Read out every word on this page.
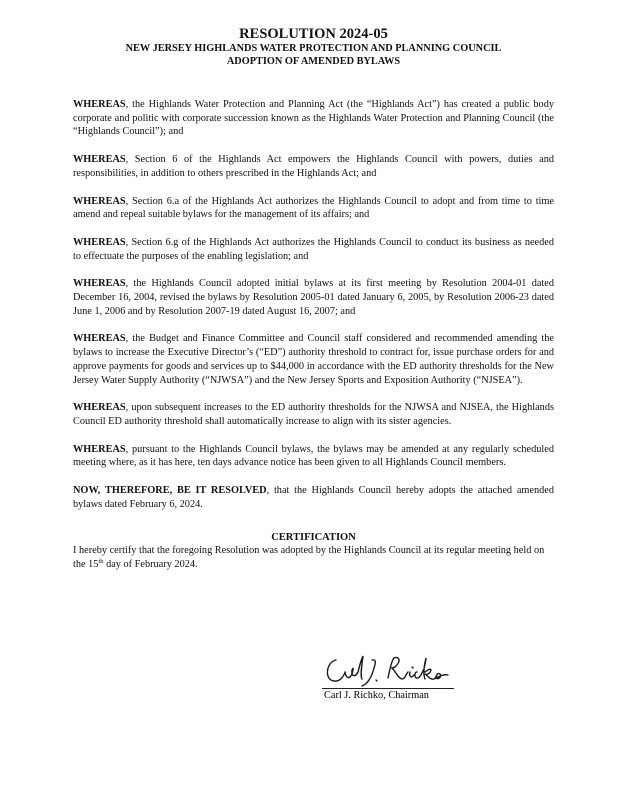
RESOLUTION 2024-05
NEW JERSEY HIGHLANDS WATER PROTECTION AND PLANNING COUNCIL
ADOPTION OF AMENDED BYLAWS

WHEREAS, the Highlands Water Protection and Planning Act (the “Highlands Act”) has created a public body corporate and politic with corporate succession known as the Highlands Water Protection and Planning Council (the “Highlands Council”); and

WHEREAS, Section 6 of the Highlands Act empowers the Highlands Council with powers, duties and responsibilities, in addition to others prescribed in the Highlands Act; and

WHEREAS, Section 6.a of the Highlands Act authorizes the Highlands Council to adopt and from time to time amend and repeal suitable bylaws for the management of its affairs; and

WHEREAS, Section 6.g of the Highlands Act authorizes the Highlands Council to conduct its business as needed to effectuate the purposes of the enabling legislation; and

WHEREAS, the Highlands Council adopted initial bylaws at its first meeting by Resolution 2004-01 dated December 16, 2004, revised the bylaws by Resolution 2005-01 dated January 6, 2005, by Resolution 2006-23 dated June 1, 2006 and by Resolution 2007-19 dated August 16, 2007; and

WHEREAS, the Budget and Finance Committee and Council staff considered and recommended amending the bylaws to increase the Executive Director’s (“ED”) authority threshold to contract for, issue purchase orders for and approve payments for goods and services up to $44,000 in accordance with the ED authority thresholds for the New Jersey Water Supply Authority (“NJWSA”) and the New Jersey Sports and Exposition Authority (“NJSEA”).

WHEREAS, upon subsequent increases to the ED authority thresholds for the NJWSA and NJSEA, the Highlands Council ED authority threshold shall automatically increase to align with its sister agencies.

WHEREAS, pursuant to the Highlands Council bylaws, the bylaws may be amended at any regularly scheduled meeting where, as it has here, ten days advance notice has been given to all Highlands Council members.

NOW, THEREFORE, BE IT RESOLVED, that the Highlands Council hereby adopts the attached amended bylaws dated February 6, 2024.

CERTIFICATION

I hereby certify that the foregoing Resolution was adopted by the Highlands Council at its regular meeting held on the 15th day of February 2024.

Carl J. Richko
Carl J. Richko, Chairman
